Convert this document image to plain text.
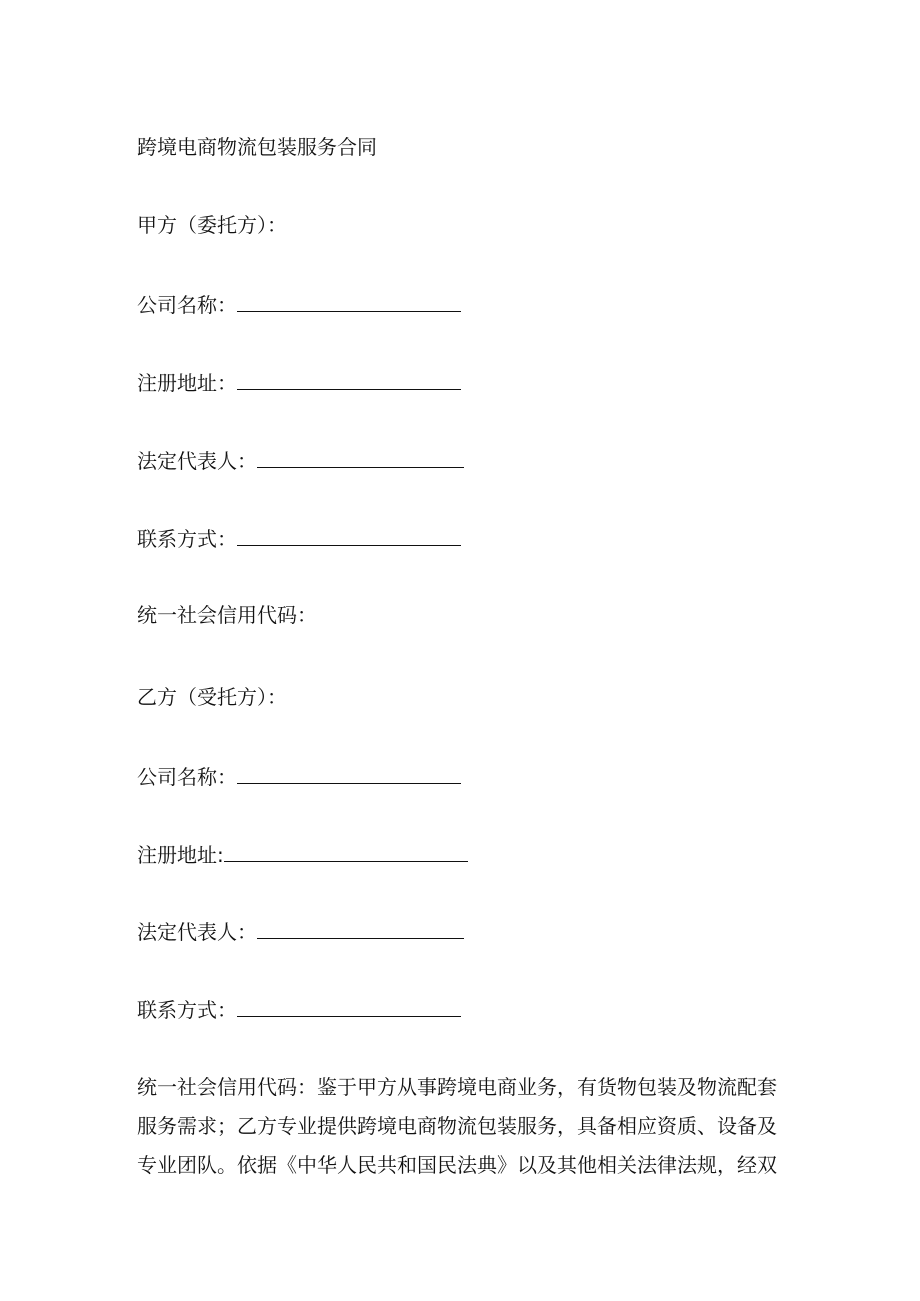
跨境电商物流包装服务合同
甲方（委托方）：
公司名称：
注册地址：
法定代表人：
联系方式：
统一社会信用代码：
乙方（受托方）：
公司名称：
注册地址:
法定代表人：
联系方式：
统一社会信用代码：鉴于甲方从事跨境电商业务，有货物包装及物流配套
服务需求；乙方专业提供跨境电商物流包装服务，具备相应资质、设备及
专业团队。依据《中华人民共和国民法典》以及其他相关法律法规，经双
